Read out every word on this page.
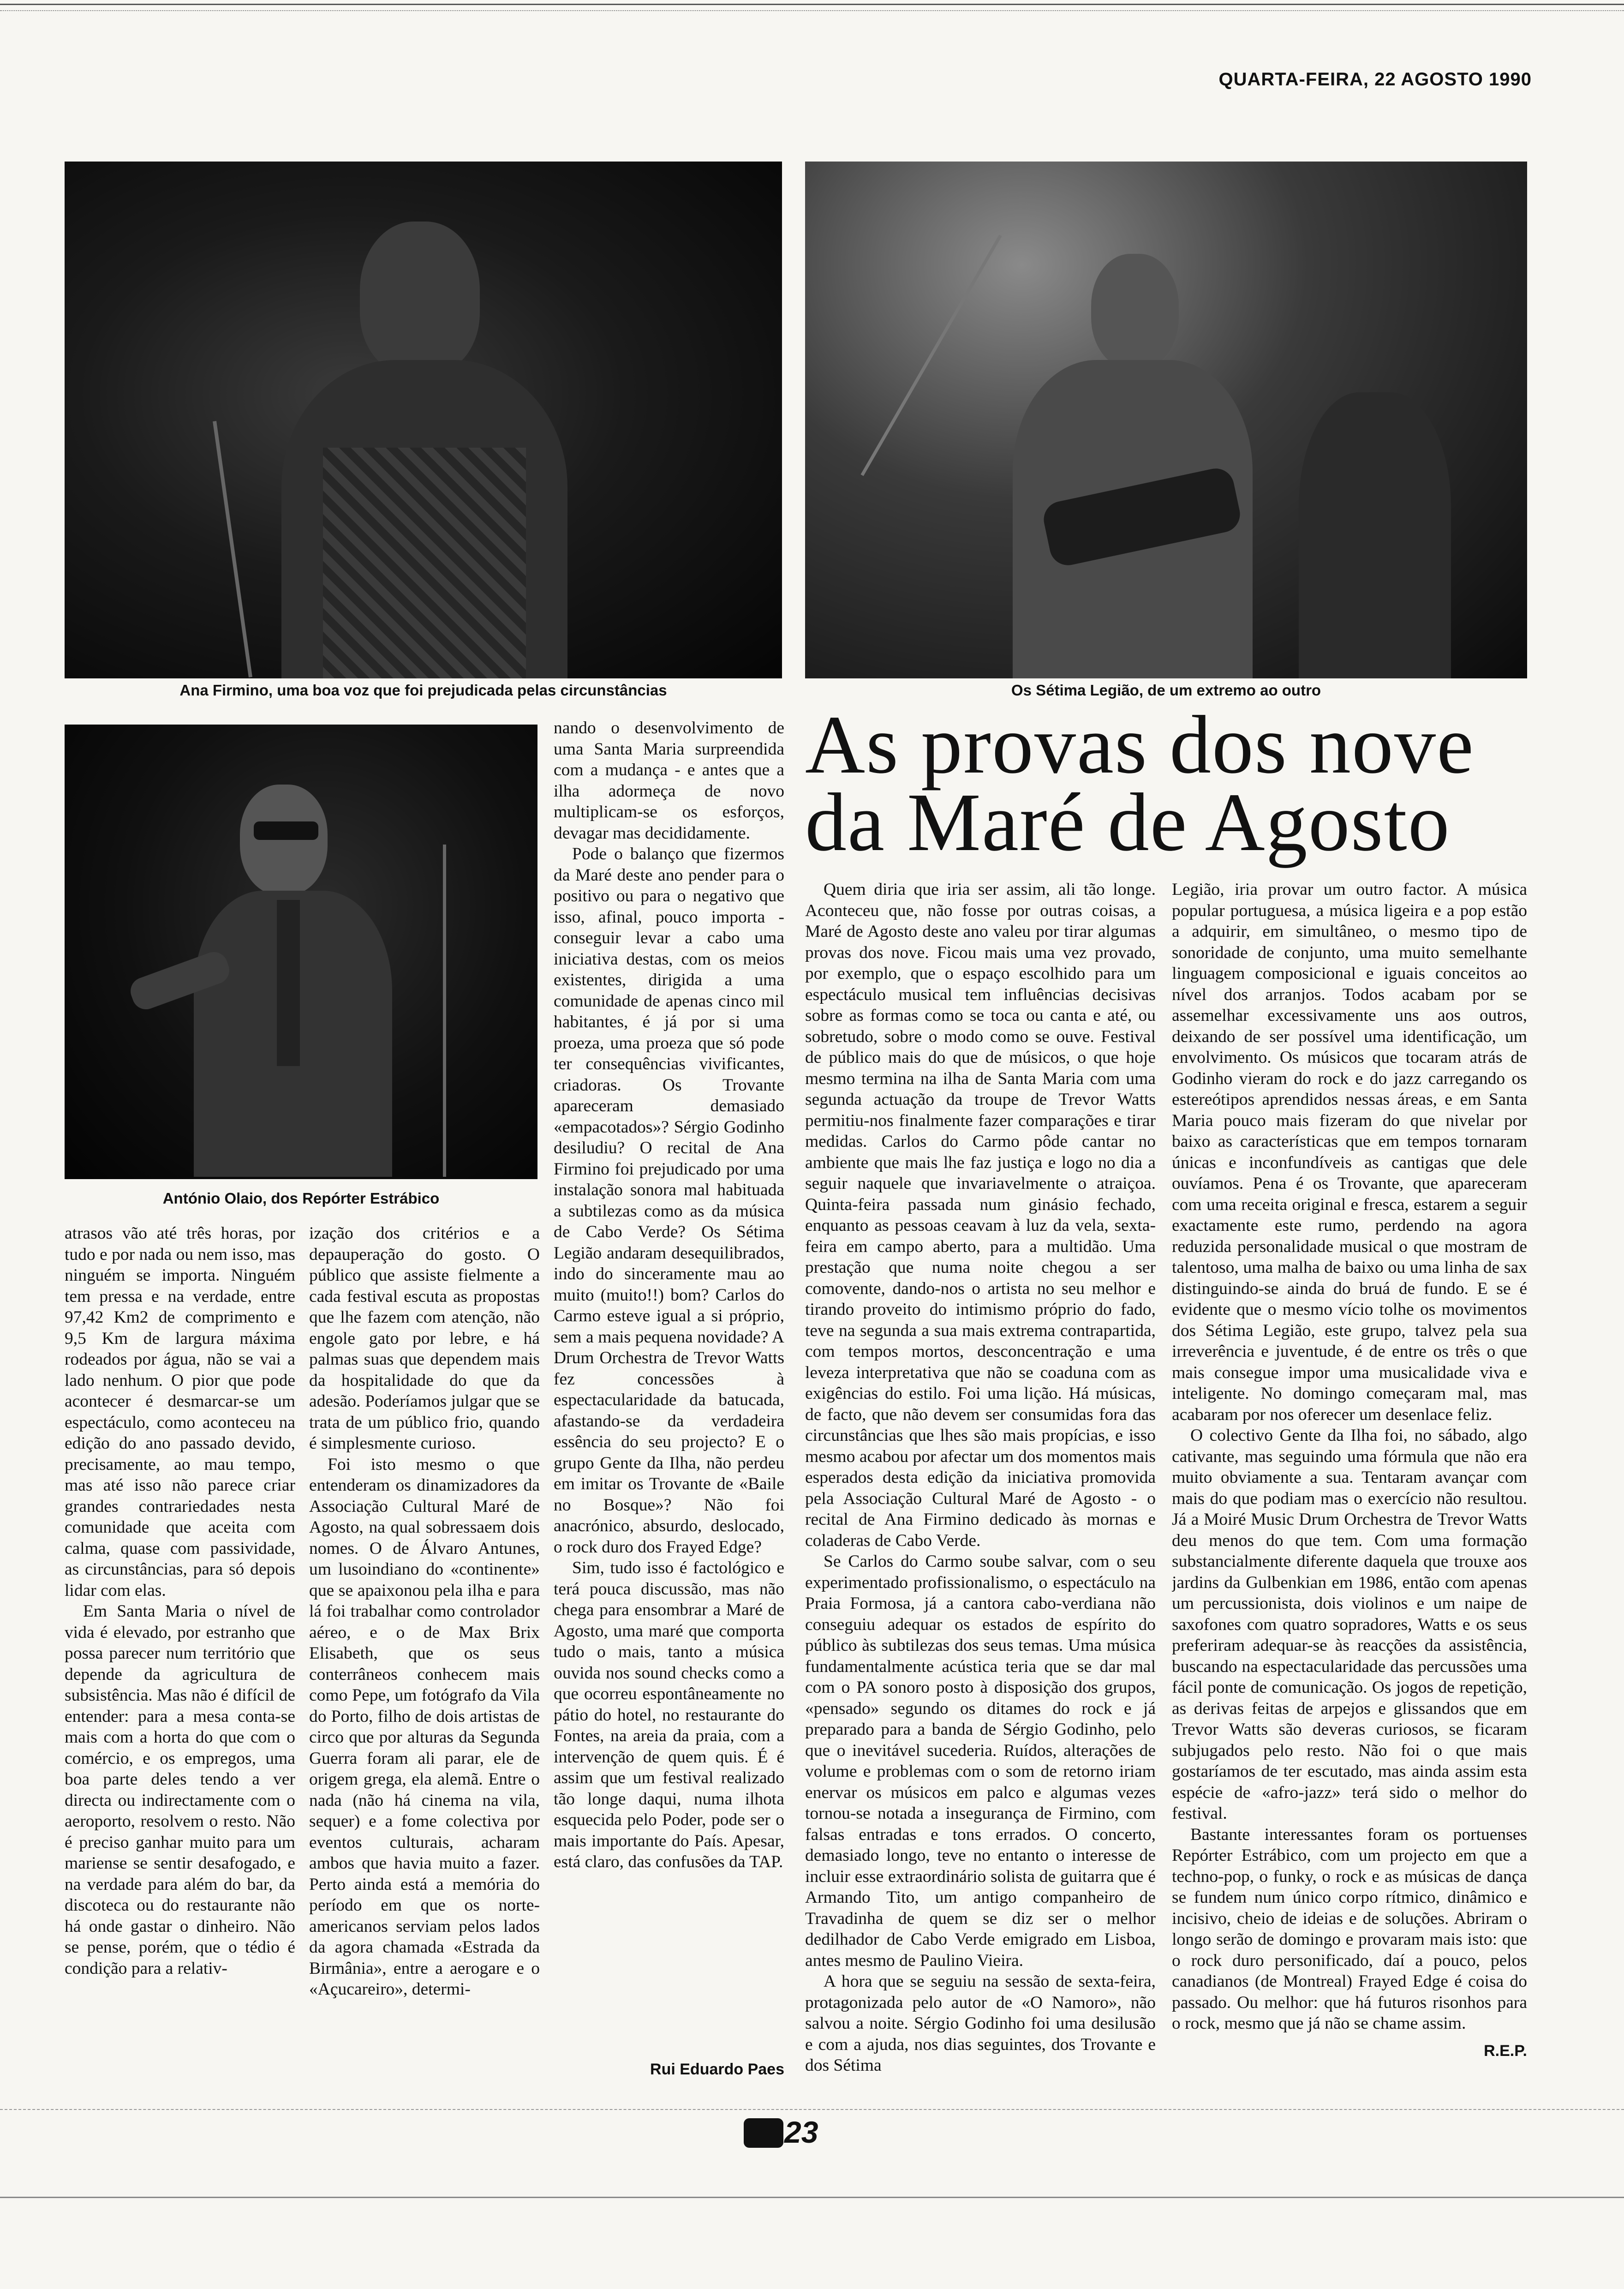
QUARTA-FEIRA, 22 AGOSTO 1990
Ana Firmino, uma boa voz que foi prejudicada pelas circunstâncias	Os Sétima Legião, de um extremo ao outro
António Olaio, dos Repórter Estrábico
As provas dos nove
da Maré de Agosto

atrasos vão até três horas, por tudo e por nada ou nem isso, mas ninguém se importa. Ninguém tem pressa e na verdade, entre 97,42 Km2 de comprimento e 9,5 Km de largura máxima rodeados por água, não se vai a lado nenhum. O pior que pode acontecer é desmarcar-se um espectáculo, como aconteceu na edição do ano passado devido, precisamente, ao mau tempo, mas até isso não parece criar grandes contrariedades nesta comunidade que aceita com calma, quase com passividade, as circunstâncias, para só depois lidar com elas.

Em Santa Maria o nível de vida é elevado, por estranho que possa parecer num território que depende da agricultura de subsistência. Mas não é difícil de entender: para a mesa conta-se mais com a horta do que com o comércio, e os empregos, uma boa parte deles tendo a ver directa ou indirectamente com o aeroporto, resolvem o resto. Não é preciso ganhar muito para um mariense se sentir desafogado, e na verdade para além do bar, da discoteca ou do restaurante não há onde gastar o dinheiro. Não se pense, porém, que o tédio é condição para a relativ-

ização dos critérios e a depauperação do gosto. O público que assiste fielmente a cada festival escuta as propostas que lhe fazem com atenção, não engole gato por lebre, e há palmas suas que dependem mais da hospitalidade do que da adesão. Poderíamos julgar que se trata de um público frio, quando é simplesmente curioso.

Foi isto mesmo o que entenderam os dinamizadores da Associação Cultural Maré de Agosto, na qual sobressaem dois nomes. O de Álvaro Antunes, um lusoindiano do «continente» que se apaixonou pela ilha e para lá foi trabalhar como controlador aéreo, e o de Max Brix Elisabeth, que os seus conterrâneos conhecem mais como Pepe, um fotógrafo da Vila do Porto, filho de dois artistas de circo que por alturas da Segunda Guerra foram ali parar, ele de origem grega, ela alemã. Entre o nada (não há cinema na vila, sequer) e a fome colectiva por eventos culturais, acharam ambos que havia muito a fazer. Perto ainda está a memória do período em que os norte-americanos serviam pelos lados da agora chamada «Estrada da Birmânia», entre a aerogare e o «Açucareiro», determi-

nando o desenvolvimento de uma Santa Maria surpreendida com a mudança - e antes que a ilha adormeça de novo multiplicam-se os esforços, devagar mas decididamente.

Pode o balanço que fizermos da Maré deste ano pender para o positivo ou para o negativo que isso, afinal, pouco importa - conseguir levar a cabo uma iniciativa destas, com os meios existentes, dirigida a uma comunidade de apenas cinco mil habitantes, é já por si uma proeza, uma proeza que só pode ter consequências vivificantes, criadoras. Os Trovante apareceram demasiado «empacotados»? Sérgio Godinho desiludiu? O recital de Ana Firmino foi prejudicado por uma instalação sonora mal habituada a subtilezas como as da música de Cabo Verde? Os Sétima Legião andaram desequilibrados, indo do sinceramente mau ao muito (muito!!) bom? Carlos do Carmo esteve igual a si próprio, sem a mais pequena novidade? A Drum Orchestra de Trevor Watts fez concessões à espectacularidade da batucada, afastando-se da verdadeira essência do seu projecto? E o grupo Gente da Ilha, não perdeu em imitar os Trovante de «Baile no Bosque»? Não foi anacrónico, absurdo, deslocado, o rock duro dos Frayed Edge?

Sim, tudo isso é factológico e terá pouca discussão, mas não chega para ensombrar a Maré de Agosto, uma maré que comporta tudo o mais, tanto a música ouvida nos sound checks como a que ocorreu espontâneamente no pátio do hotel, no restaurante do Fontes, na areia da praia, com a intervenção de quem quis. É é assim que um festival realizado tão longe daqui, numa ilhota esquecida pelo Poder, pode ser o mais importante do País. Apesar, está claro, das confusões da TAP.

Rui Eduardo Paes

Quem diria que iria ser assim, ali tão longe. Aconteceu que, não fosse por outras coisas, a Maré de Agosto deste ano valeu por tirar algumas provas dos nove. Ficou mais uma vez provado, por exemplo, que o espaço escolhido para um espectáculo musical tem influências decisivas sobre as formas como se toca ou canta e até, ou sobretudo, sobre o modo como se ouve. Festival de público mais do que de músicos, o que hoje mesmo termina na ilha de Santa Maria com uma segunda actuação da troupe de Trevor Watts permitiu-nos finalmente fazer comparações e tirar medidas. Carlos do Carmo pôde cantar no ambiente que mais lhe faz justiça e logo no dia a seguir naquele que invariavelmente o atraiçoa. Quinta-feira passada num ginásio fechado, enquanto as pessoas ceavam à luz da vela, sexta-feira em campo aberto, para a multidão. Uma prestação que numa noite chegou a ser comovente, dando-nos o artista no seu melhor e tirando proveito do intimismo próprio do fado, teve na segunda a sua mais extrema contrapartida, com tempos mortos, desconcentração e uma leveza interpretativa que não se coaduna com as exigências do estilo. Foi uma lição. Há músicas, de facto, que não devem ser consumidas fora das circunstâncias que lhes são mais propícias, e isso mesmo acabou por afectar um dos momentos mais esperados desta edição da iniciativa promovida pela Associação Cultural Maré de Agosto - o recital de Ana Firmino dedicado às mornas e coladeras de Cabo Verde.

Se Carlos do Carmo soube salvar, com o seu experimentado profissionalismo, o espectáculo na Praia Formosa, já a cantora cabo-verdiana não conseguiu adequar os estados de espírito do público às subtilezas dos seus temas. Uma música fundamentalmente acústica teria que se dar mal com o PA sonoro posto à disposição dos grupos, «pensado» segundo os ditames do rock e já preparado para a banda de Sérgio Godinho, pelo que o inevitável sucederia. Ruídos, alterações de volume e problemas com o som de retorno iriam enervar os músicos em palco e algumas vezes tornou-se notada a insegurança de Firmino, com falsas entradas e tons errados. O concerto, demasiado longo, teve no entanto o interesse de incluir esse extraordinário solista de guitarra que é Armando Tito, um antigo companheiro de Travadinha de quem se diz ser o melhor dedilhador de Cabo Verde emigrado em Lisboa, antes mesmo de Paulino Vieira.

A hora que se seguiu na sessão de sexta-feira, protagonizada pelo autor de «O Namoro», não salvou a noite. Sérgio Godinho foi uma desilusão e com a ajuda, nos dias seguintes, dos Trovante e dos Sétima

Legião, iria provar um outro factor. A música popular portuguesa, a música ligeira e a pop estão a adquirir, em simultâneo, o mesmo tipo de sonoridade de conjunto, uma muito semelhante linguagem composicional e iguais conceitos ao nível dos arranjos. Todos acabam por se assemelhar excessivamente uns aos outros, deixando de ser possível uma identificação, um envolvimento. Os músicos que tocaram atrás de Godinho vieram do rock e do jazz carregando os estereótipos aprendidos nessas áreas, e em Santa Maria pouco mais fizeram do que nivelar por baixo as características que em tempos tornaram únicas e inconfundíveis as cantigas que dele ouvíamos. Pena é os Trovante, que apareceram com uma receita original e fresca, estarem a seguir exactamente este rumo, perdendo na agora reduzida personalidade musical o que mostram de talentoso, uma malha de baixo ou uma linha de sax distinguindo-se ainda do bruá de fundo. E se é evidente que o mesmo vício tolhe os movimentos dos Sétima Legião, este grupo, talvez pela sua irreverência e juventude, é de entre os três o que mais consegue impor uma musicalidade viva e inteligente. No domingo começaram mal, mas acabaram por nos oferecer um desenlace feliz.

O colectivo Gente da Ilha foi, no sábado, algo cativante, mas seguindo uma fórmula que não era muito obviamente a sua. Tentaram avançar com mais do que podiam mas o exercício não resultou. Já a Moiré Music Drum Orchestra de Trevor Watts deu menos do que tem. Com uma formação substancialmente diferente daquela que trouxe aos jardins da Gulbenkian em 1986, então com apenas um percussionista, dois violinos e um naipe de saxofones com quatro sopradores, Watts e os seus preferiram adequar-se às reacções da assistência, buscando na espectacularidade das percussões uma fácil ponte de comunicação. Os jogos de repetição, as derivas feitas de arpejos e glissandos que em Trevor Watts são deveras curiosos, se ficaram subjugados pelo resto. Não foi o que mais gostaríamos de ter escutado, mas ainda assim esta espécie de «afro-jazz» terá sido o melhor do festival.

Bastante interessantes foram os portuenses Repórter Estrábico, com um projecto em que a techno-pop, o funky, o rock e as músicas de dança se fundem num único corpo rítmico, dinâmico e incisivo, cheio de ideias e de soluções. Abriram o longo serão de domingo e provaram mais isto: que o rock duro personificado, daí a pouco, pelos canadianos (de Montreal) Frayed Edge é coisa do passado. Ou melhor: que há futuros risonhos para o rock, mesmo que já não se chame assim.

R.E.P.
23
